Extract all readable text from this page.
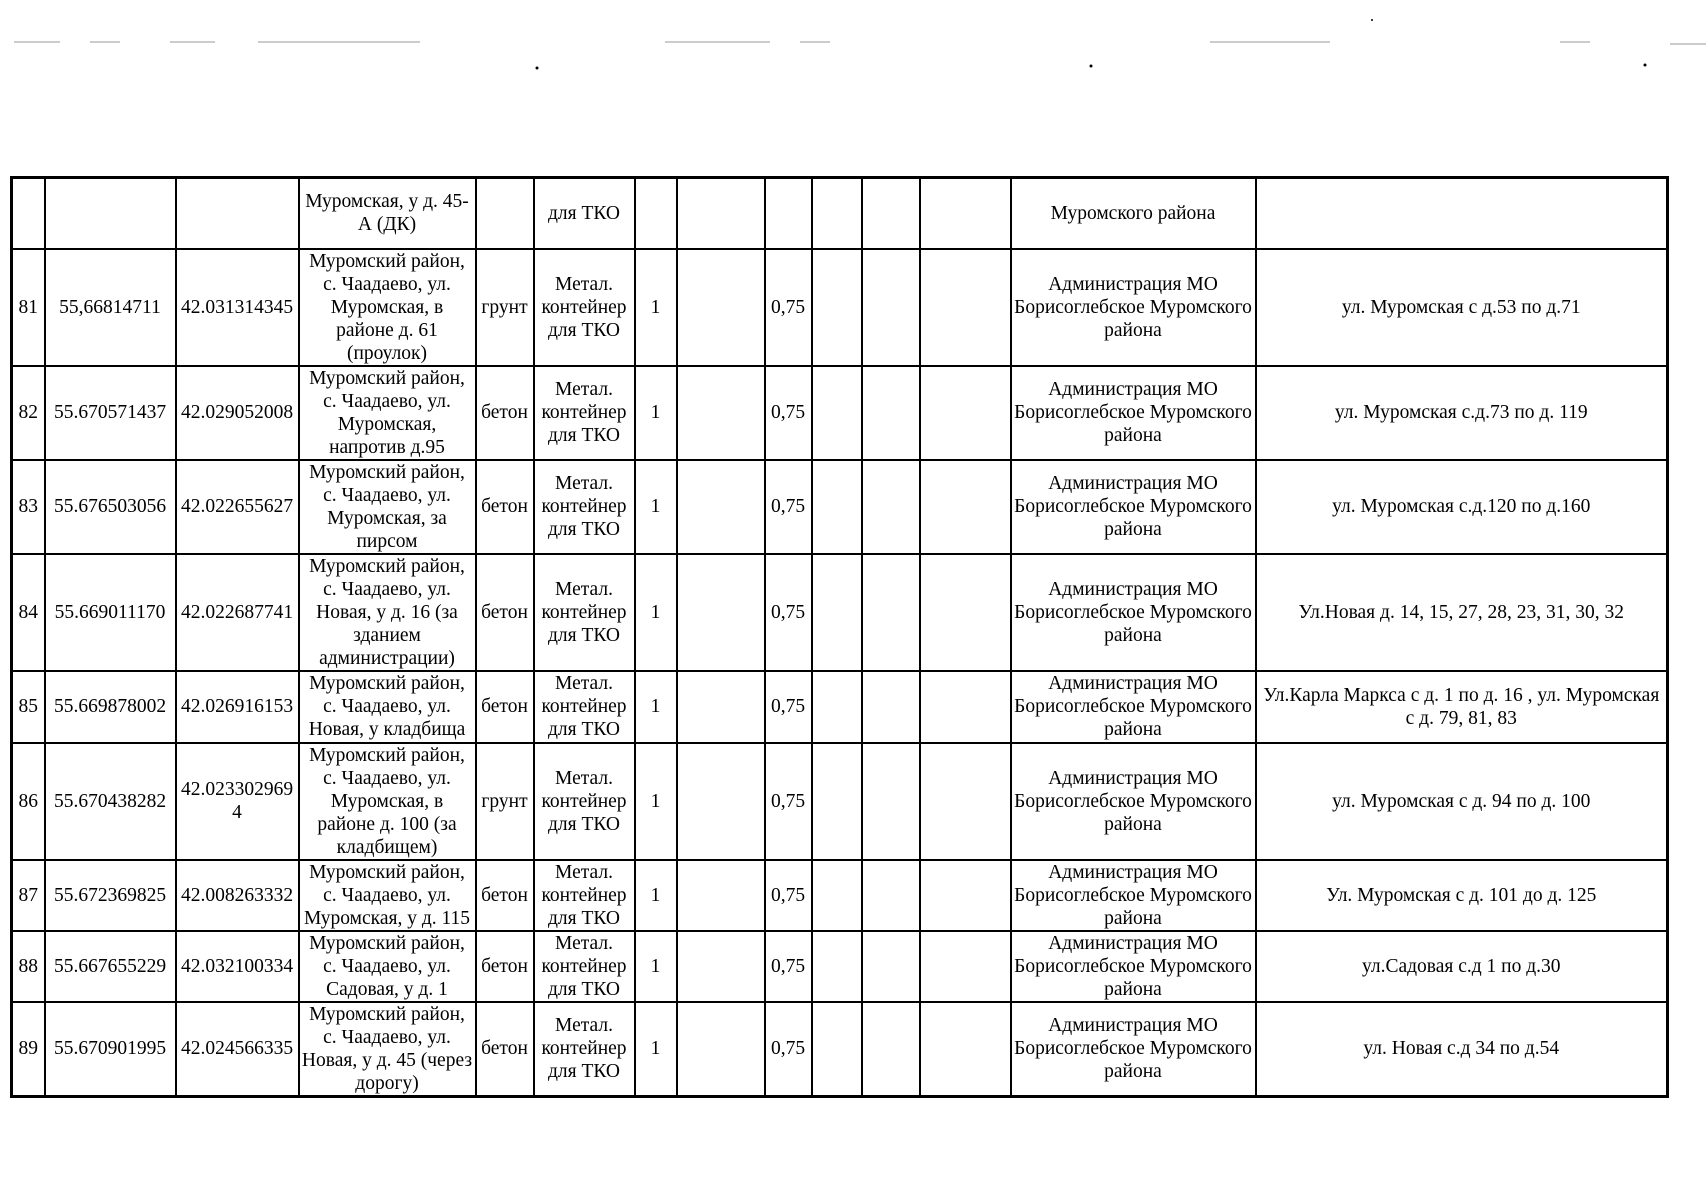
			Муромская, у д. 45-А (ДК)		для ТКО							Муромского района	
81	55,66814711	42.031314345	Муромский район, с. Чаадаево, ул. Муромская, в районе д. 61 (проулок)	грунт	Метал. контейнер для ТКО	1		0,75				Администрация МО Борисоглебское Муромского района	ул. Муромская с д.53 по д.71
82	55.670571437	42.029052008	Муромский район, с. Чаадаево, ул. Муромская, напротив д.95	бетон	Метал. контейнер для ТКО	1		0,75				Администрация МО Борисоглебское Муромского района	ул. Муромская с.д.73 по д. 119
83	55.676503056	42.022655627	Муромский район, с. Чаадаево, ул. Муромская, за пирсом	бетон	Метал. контейнер для ТКО	1		0,75				Администрация МО Борисоглебское Муромского района	ул. Муромская с.д.120 по д.160
84	55.669011170	42.022687741	Муромский район, с. Чаадаево, ул. Новая, у д. 16 (за зданием администрации)	бетон	Метал. контейнер для ТКО	1		0,75				Администрация МО Борисоглебское Муромского района	Ул.Новая д. 14, 15, 27, 28, 23, 31, 30, 32
85	55.669878002	42.026916153	Муромский район, с. Чаадаево, ул. Новая, у кладбища	бетон	Метал. контейнер для ТКО	1		0,75				Администрация МО Борисоглебское Муромского района	Ул.Карла Маркса с д. 1 по д. 16 , ул. Муромская с д. 79, 81, 83
86	55.670438282	42.023302969 4	Муромский район, с. Чаадаево, ул. Муромская, в районе д. 100 (за кладбищем)	грунт	Метал. контейнер для ТКО	1		0,75				Администрация МО Борисоглебское Муромского района	ул. Муромская с д. 94 по д. 100
87	55.672369825	42.008263332	Муромский район, с. Чаадаево, ул. Муромская, у д. 115	бетон	Метал. контейнер для ТКО	1		0,75				Администрация МО Борисоглебское Муромского района	Ул. Муромская с д. 101 до д. 125
88	55.667655229	42.032100334	Муромский район, с. Чаадаево, ул. Садовая, у д. 1	бетон	Метал. контейнер для ТКО	1		0,75				Администрация МО Борисоглебское Муромского района	ул.Садовая с.д 1 по д.30
89	55.670901995	42.024566335	Муромский район, с. Чаадаево, ул. Новая, у д. 45 (через дорогу)	бетон	Метал. контейнер для ТКО	1		0,75				Администрация МО Борисоглебское Муромского района	ул. Новая с.д 34 по д.54
